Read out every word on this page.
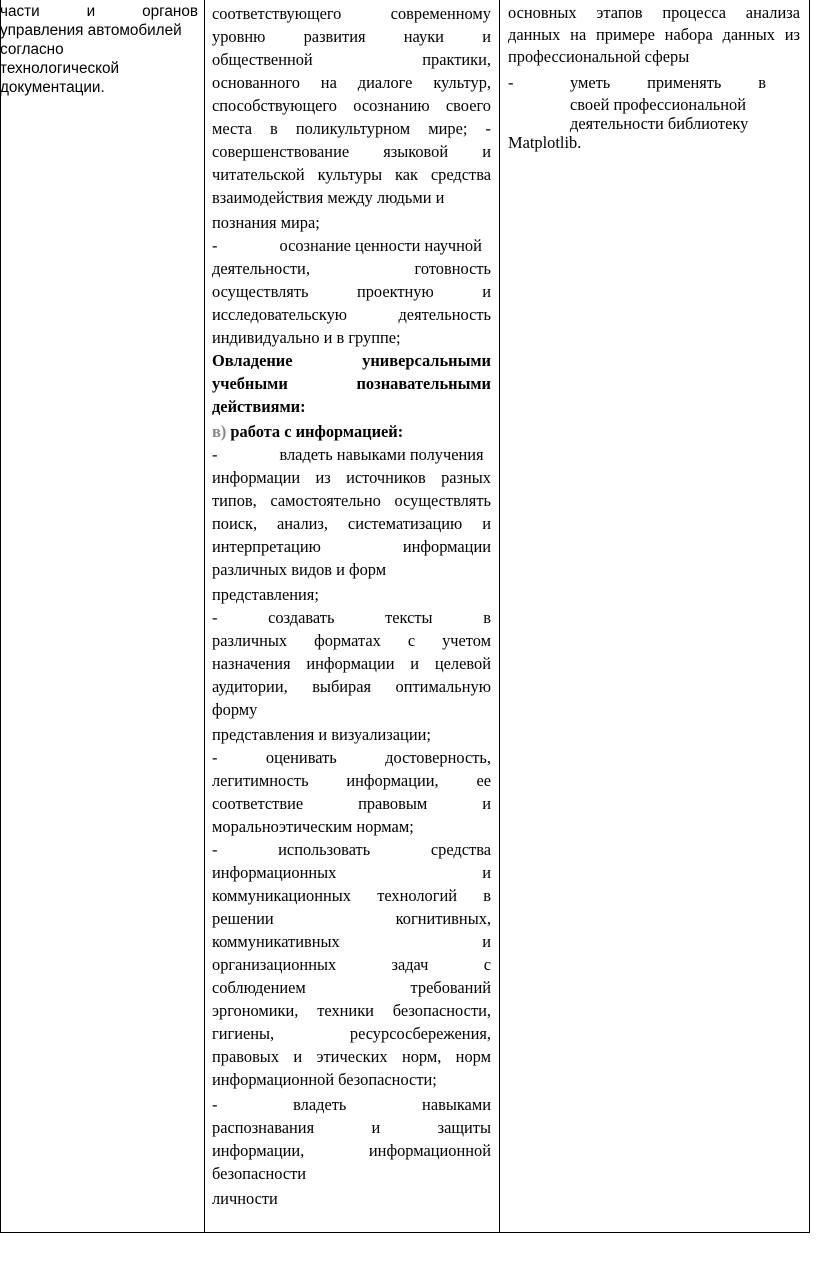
части	и	органов
управления автомобилей
согласно
технологической
документации.
соответствующего	современному
уровню развития науки и
общественной	практики,
основанного на диалоге культур,
способствующего осознанию своего
места в поликультурном мире; -
совершенствование языковой и
читательской культуры как средства
взаимодействия между людьми и
познания мира;
-	осознание ценности научной
деятельности,	готовность
осуществлять	проектную	и
исследовательскую	деятельность
индивидуально и в группе;
Овладение	универсальными
учебными	познавательными
действиями:
в) работа с информацией:
-	владеть навыками получения
информации из источников разных
типов, самостоятельно осуществлять
поиск, анализ, систематизацию и
интерпретацию	информации
различных видов и форм
представления;
-	создавать	тексты	в
различных форматах с учетом
назначения информации и целевой
аудитории, выбирая оптимальную
форму
представления и визуализации;
-	оценивать	достоверность,
легитимность информации, ее
соответствие	правовым	и
моральноэтическим нормам;
-	использовать	средства
информационных	и
коммуникационных технологий в
решении	когнитивных,
коммуникативных	и
организационных	задач	с
соблюдением	требований
эргономики, техники безопасности,
гигиены,	ресурсосбережения,
правовых и этических норм, норм
информационной безопасности;
-	владеть	навыками
распознавания	и	защиты
информации,	информационной
безопасности
личности
основных этапов процесса анализа
данных на примере набора данных из
профессиональной сферы
-	уметь применять в
своей профессиональной
деятельности библиотеку
Matplotlib.
